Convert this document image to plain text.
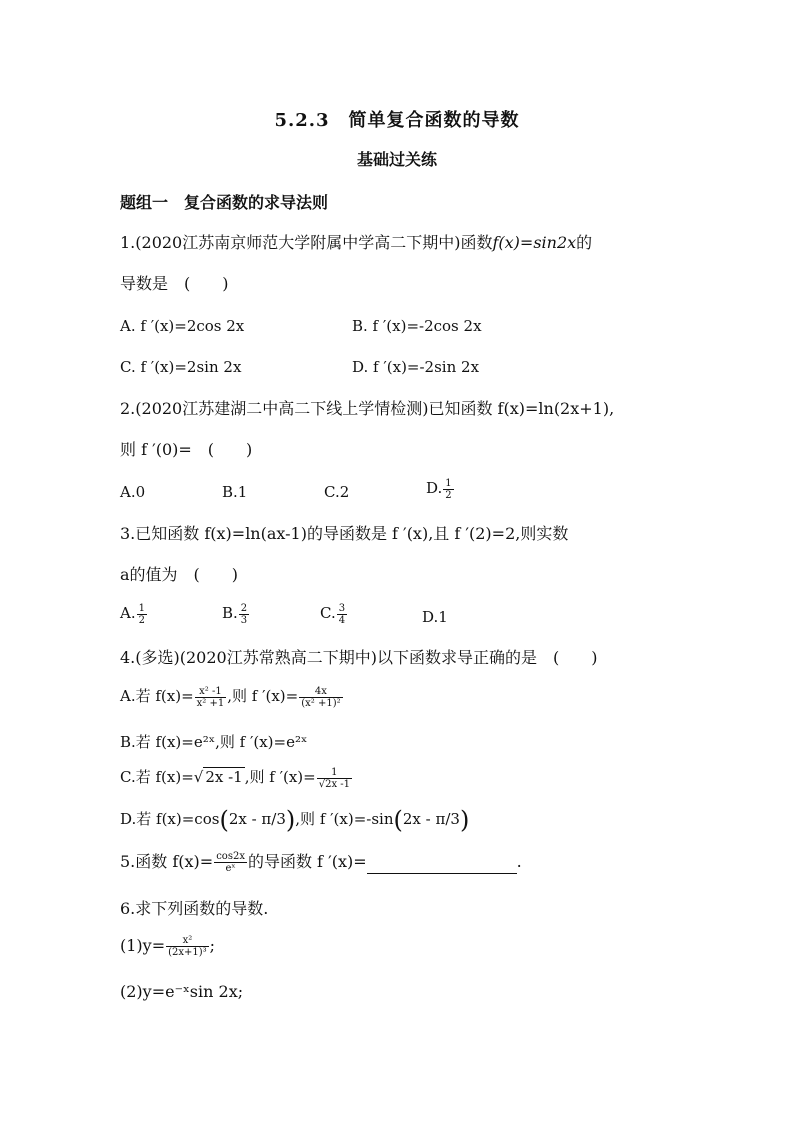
5.2.3　简单复合函数的导数
基础过关练
题组一　复合函数的求导法则
1.(2020江苏南京师范大学附属中学高二下期中)函数f(x)=sin2x的
导数是　(　　)
A. f ′(x)=2cos 2x	B. f ′(x)=-2cos 2x
C. f ′(x)=2sin 2x	D. f ′(x)=-2sin 2x
2.(2020江苏建湖二中高二下线上学情检测)已知函数 f(x)=ln(2x+1),
则 f ′(0)=　(　　)
A.0	B.1	C.2	D. $\frac{1}{2}$
3.已知函数 f(x)=ln(ax-1)的导函数是 f ′(x),且 f ′(2)=2,则实数
a的值为　(　　)
A. $\frac{1}{2}$	B. $\frac{2}{3}$	C. $\frac{3}{4}$	D.1
4.(多选)(2020江苏常熟高二下期中)以下函数求导正确的是　(　　)
A.若 $f(x)= \frac{\text{x² -1}}{\text{x² +1}}$ ,则 f $'(x)= \frac{4x}{\text{(x² +1)²}}$
B.若 f(x)=e²ˣ,则 f ′(x)=e²ˣ
C.若 f(x)=√ 2x -1 ,则 f $'(x)= \frac{1}{√2x -1}$
D.若 f(x)=cos(2x - π/3),则 f ′(x)=-sin(2x - π/3)
5.函数 $f(x)= \frac{\cos 2x}{\text{eˣ}}$ 的导函数 f ′(x)=	.
6.求下列函数的导数.
$(1)y= \frac{\text{x²}}{\text{(2x+1)³}}$ ;
(2)y=e⁻ˣsin 2x;
